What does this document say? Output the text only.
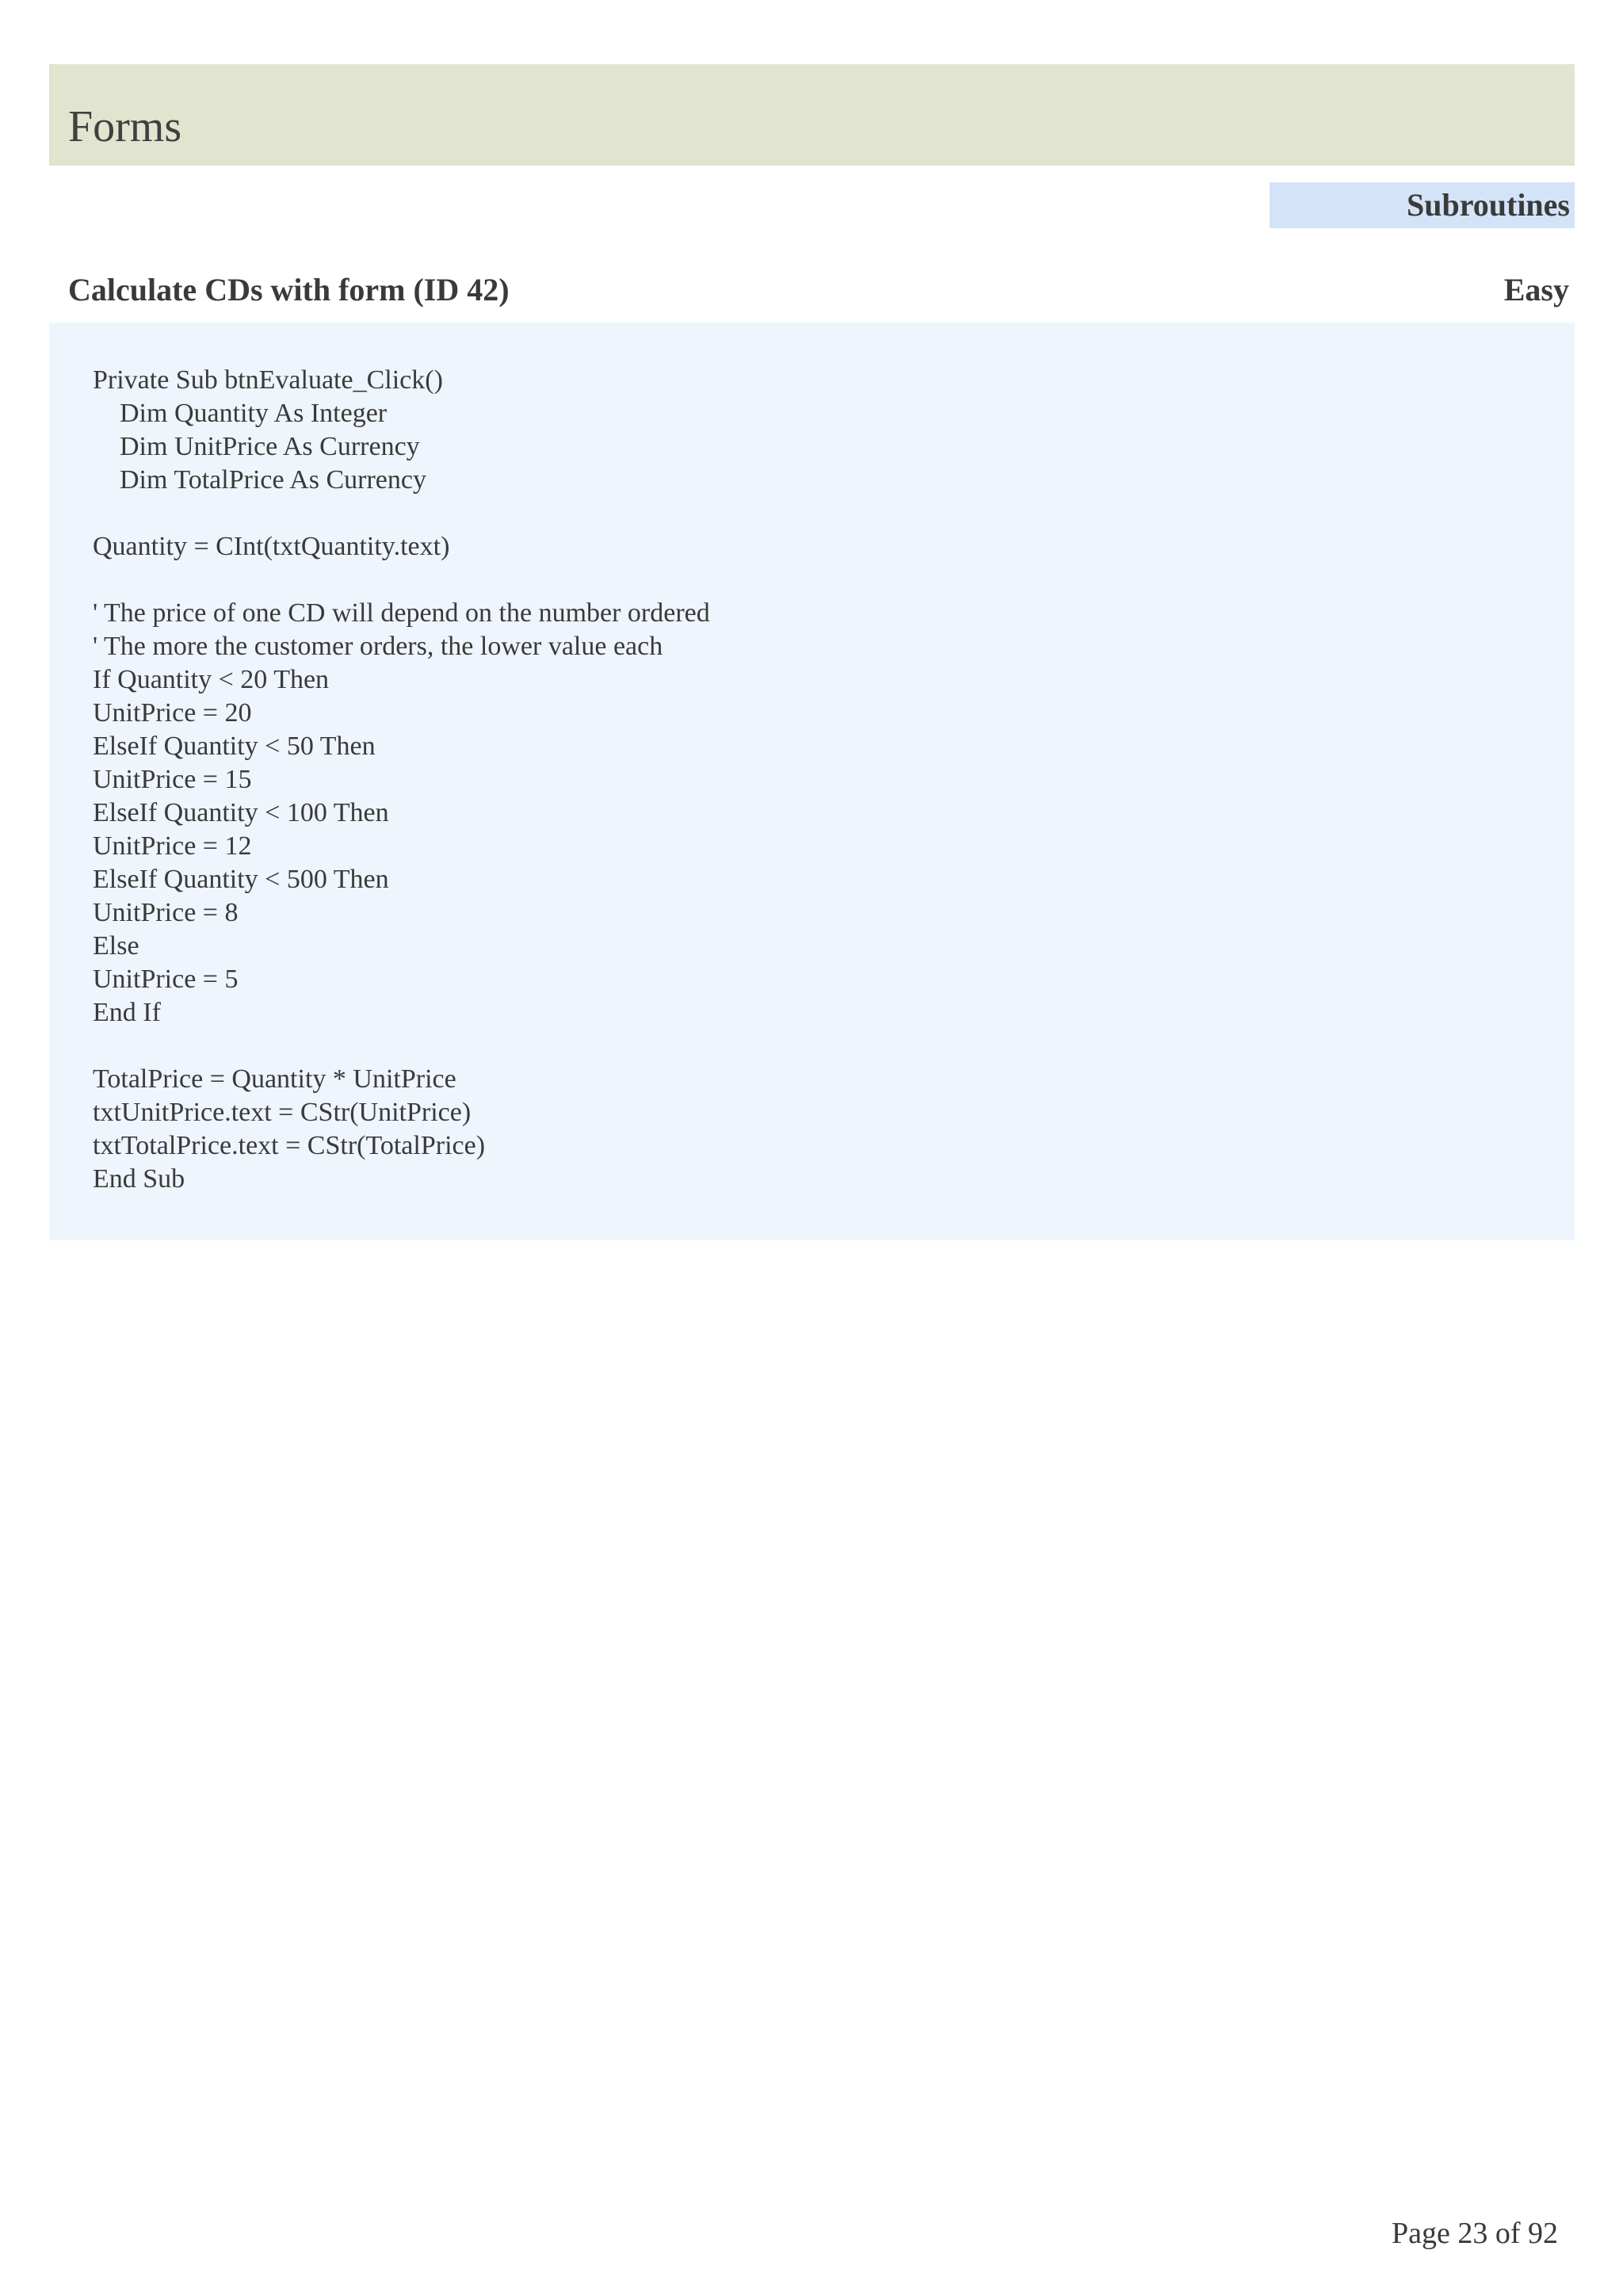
Forms
Subroutines
Calculate CDs with form (ID 42)	Easy
Private Sub btnEvaluate_Click()
Dim Quantity As Integer
Dim UnitPrice As Currency
Dim TotalPrice As Currency
Quantity = CInt(txtQuantity.text)
' The price of one CD will depend on the number ordered
' The more the customer orders, the lower value each
If Quantity < 20 Then
UnitPrice = 20
ElseIf Quantity < 50 Then
UnitPrice = 15
ElseIf Quantity < 100 Then
UnitPrice = 12
ElseIf Quantity < 500 Then
UnitPrice = 8
Else
UnitPrice = 5
End If
TotalPrice = Quantity * UnitPrice
txtUnitPrice.text = CStr(UnitPrice)
txtTotalPrice.text = CStr(TotalPrice)
End Sub
Page 23 of 92
